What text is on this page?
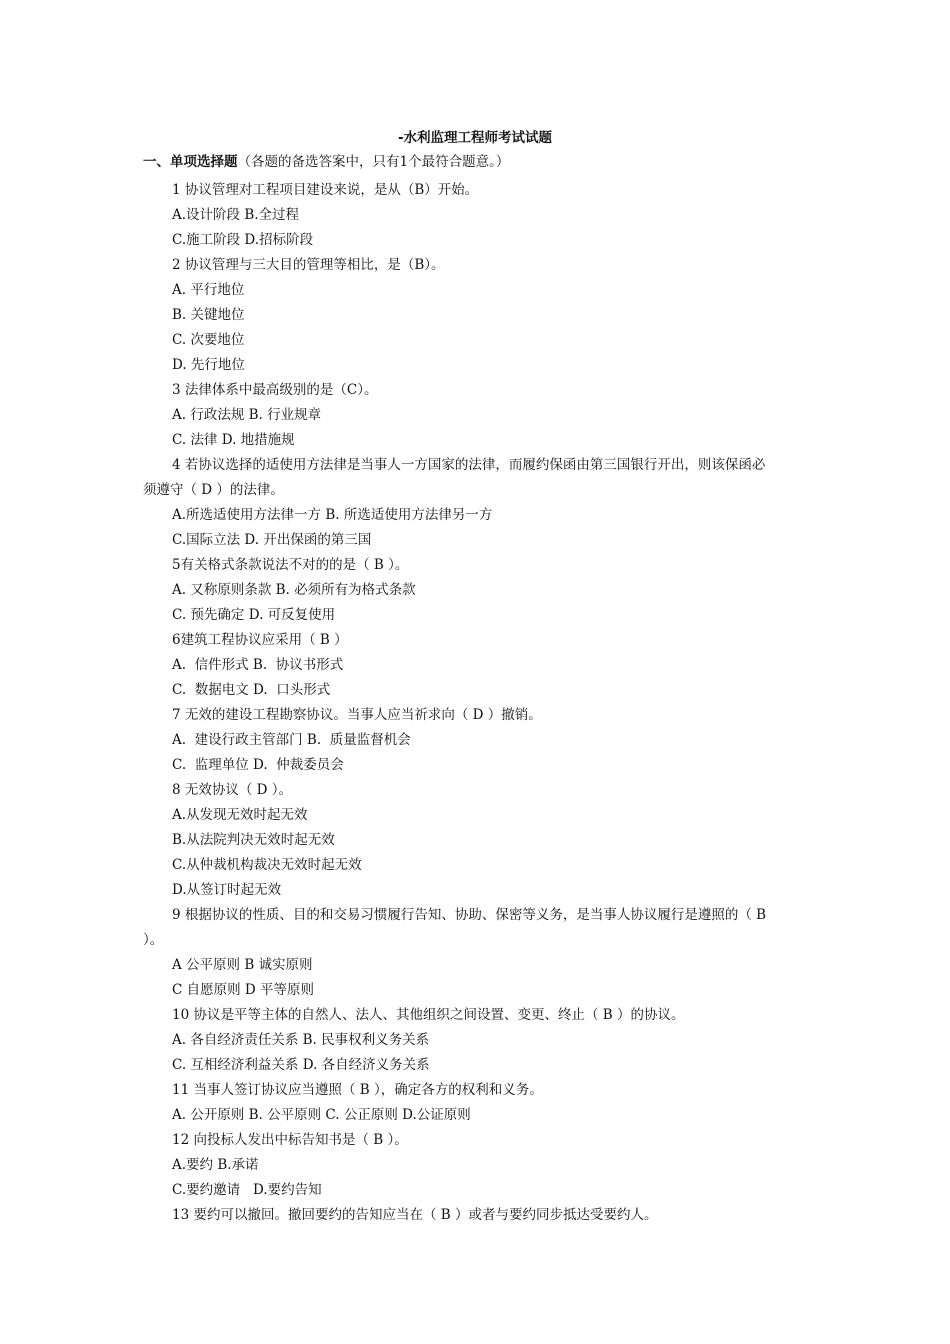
-水利监理工程师考试试题
一、单项选择题（各题的备选答案中，只有1个最符合题意。）
1 协议管理对工程项目建设来说，是从（B）开始。
A.设计阶段 B.全过程
C.施工阶段 D.招标阶段
2 协议管理与三大目的管理等相比，是（B）。
A. 平行地位
B. 关键地位
C. 次要地位
D. 先行地位
3 法律体系中最高级别的是（C）。
A. 行政法规 B. 行业规章
C. 法律 D. 地措施规
4 若协议选择的适使用方法律是当事人一方国家的法律，而履约保函由第三国银行开出，则该保函必
须遵守（ D ）的法律。
A.所选适使用方法律一方 B. 所选适使用方法律另一方
C.国际立法 D. 开出保函的第三国
5有关格式条款说法不对的的是（ B ）。
A. 又称原则条款 B. 必须所有为格式条款
C. 预先确定 D. 可反复使用
6建筑工程协议应采用（ B ）
A.  信件形式 B.  协议书形式
C.  数据电文 D.  口头形式
7 无效的建设工程勘察协议。当事人应当祈求向（ D ）撤销。
A.  建设行政主管部门 B.  质量监督机会
C.  监理单位 D.  仲裁委员会
8 无效协议（ D ）。
A.从发现无效时起无效
B.从法院判决无效时起无效
C.从仲裁机构裁决无效时起无效
D.从签订时起无效
9 根据协议的性质、目的和交易习惯履行告知、协助、保密等义务，是当事人协议履行是遵照的（ B
）。
A 公平原则 B 诚实原则
C 自愿原则 D 平等原则
10 协议是平等主体的自然人、法人、其他组织之间设置、变更、终止（ B ）的协议。
A. 各自经济责任关系 B. 民事权利义务关系
C. 互相经济利益关系 D. 各自经济义务关系
11 当事人签订协议应当遵照（ B ），确定各方的权利和义务。
A. 公开原则 B. 公平原则 C. 公正原则 D.公证原则
12 向投标人发出中标告知书是（ B ）。
A.要约 B.承诺
C.要约邀请   D.要约告知
13 要约可以撤回。撤回要约的告知应当在（ B ）或者与要约同步抵达受要约人。
